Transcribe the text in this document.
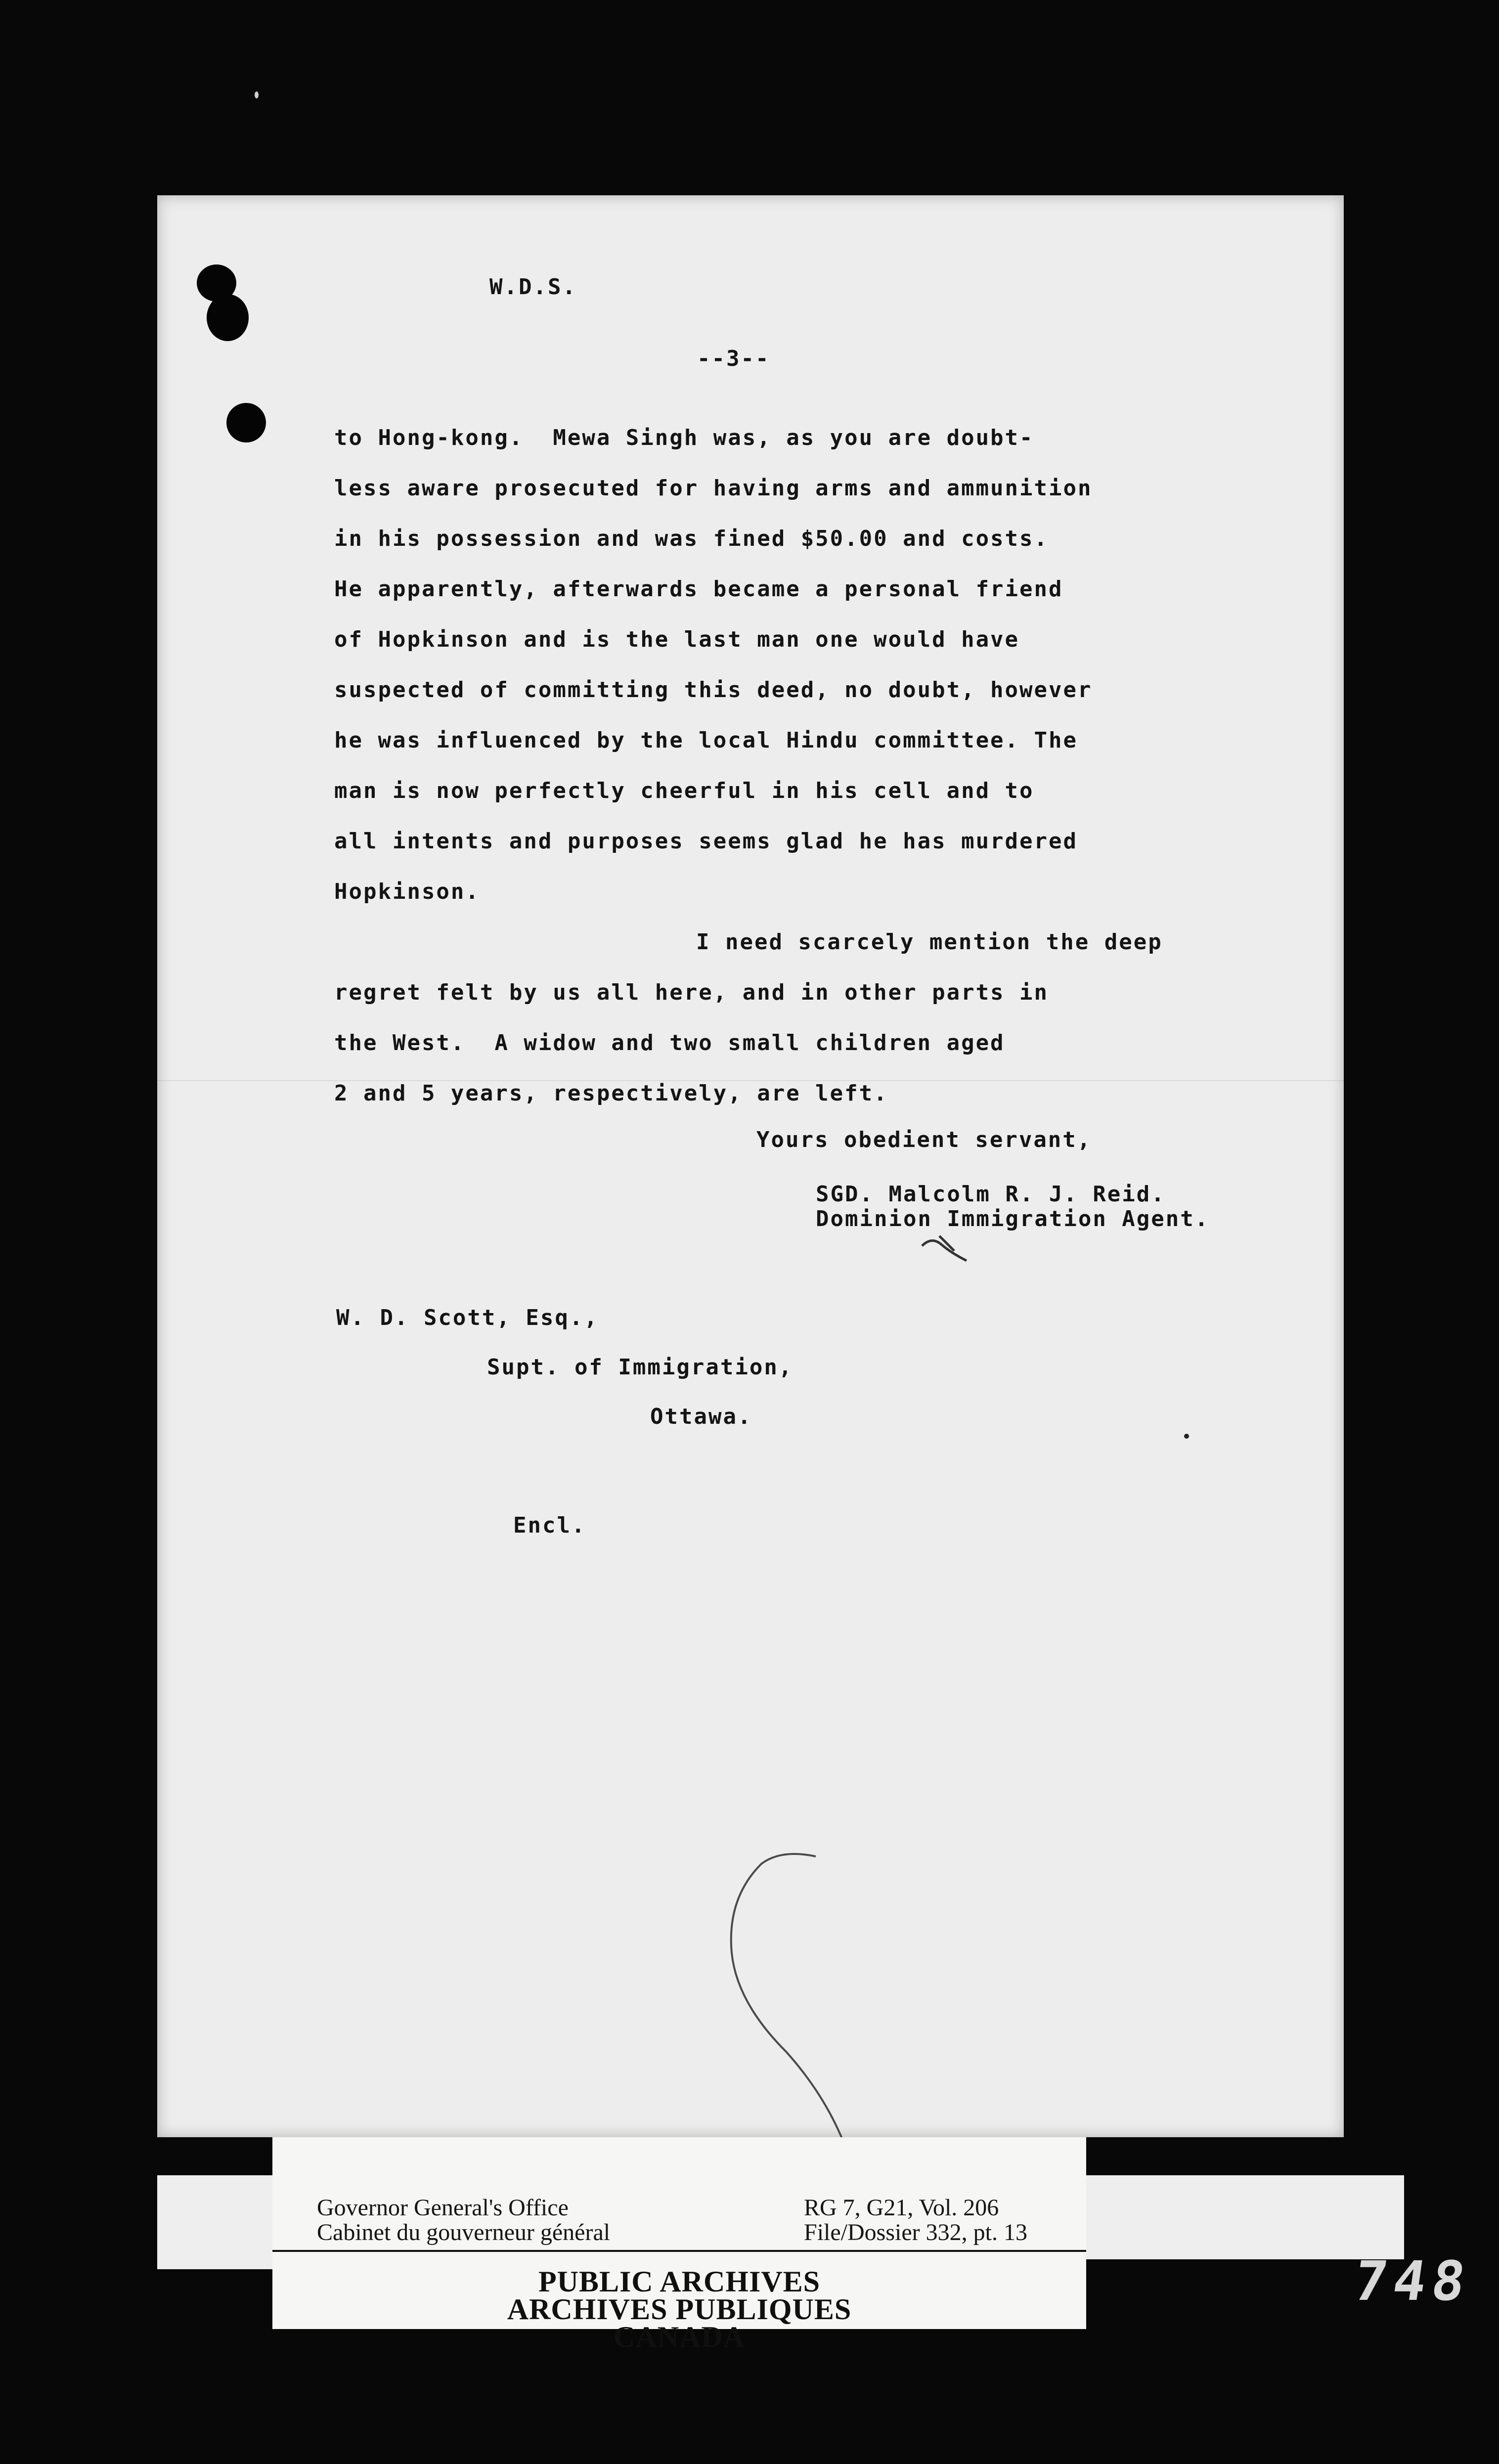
W.D.S.

--3--

to Hong-kong.  Mewa Singh was, as you are doubt-

less aware prosecuted for having arms and ammunition

in his possession and was fined $50.00 and costs.

He apparently, afterwards became a personal friend

of Hopkinson and is the last man one would have

suspected of committing this deed, no doubt, however

he was influenced by the local Hindu committee. The

man is now perfectly cheerful in his cell and to

all intents and purposes seems glad he has murdered

Hopkinson.

I need scarcely mention the deep

regret felt by us all here, and in other parts in

the West.  A widow and two small children aged

2 and 5 years, respectively, are left.

Yours obedient servant,

SGD. Malcolm R. J. Reid.

Dominion Immigration Agent.

W. D. Scott, Esq.,

Supt. of Immigration,

Ottawa.

Encl.

Governor General's Office
Cabinet du gouverneur général
RG 7, G21, Vol. 206
File/Dossier 332, pt. 13
PUBLIC ARCHIVES
ARCHIVES PUBLIQUES
CANADA
748
